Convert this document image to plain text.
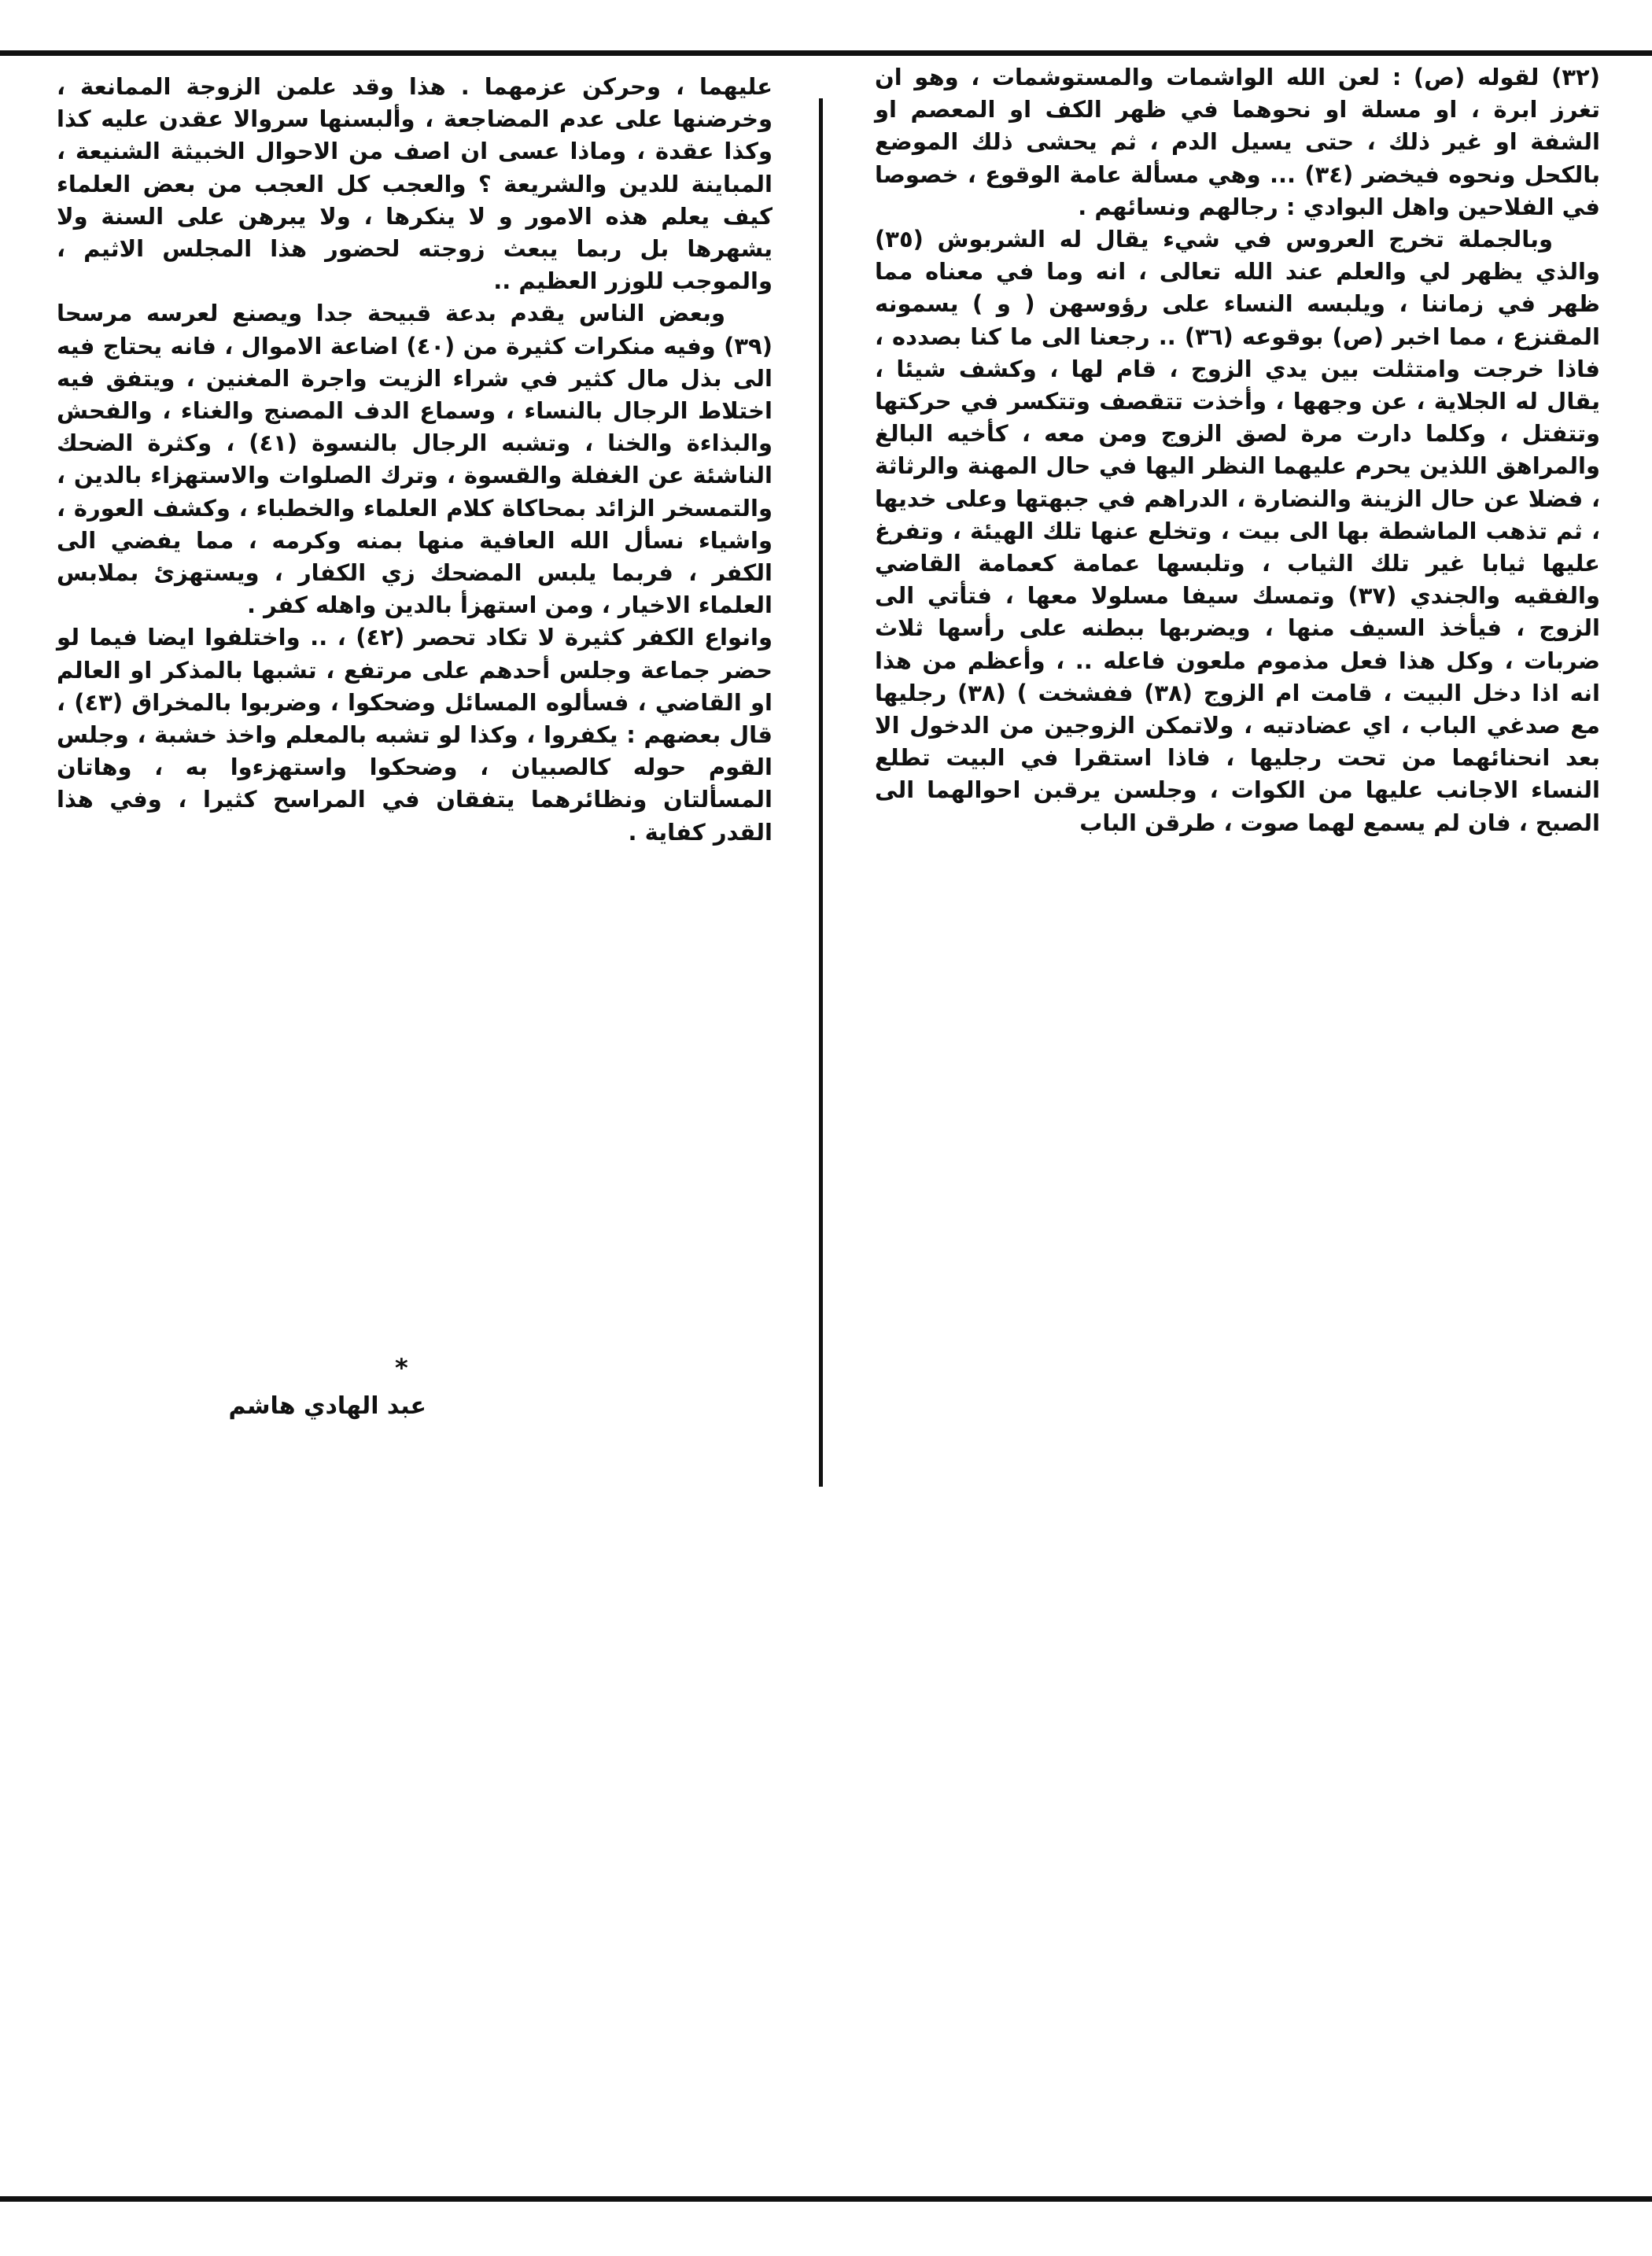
(٣٢) لقوله (ص) : لعن الله الواشمات والمستوشمات ، وهو ان تغرز ابرة ، او مسلة او نحوهما في ظهر الكف او المعصم او الشفة او غير ذلك ، حتى يسيل الدم ، ثم يحشى ذلك الموضع بالكحل ونحوه فيخضر (٣٤) ... وهي مسألة عامة الوقوع ، خصوصا في الفلاحين واهل البوادي : رجالهم ونسائهم .

وبالجملة تخرج العروس في شيء يقال له الشربوش (٣٥) والذي يظهر لي والعلم عند الله تعالى ، انه وما في معناه مما ظهر في زماننا ، ويلبسه النساء على رؤوسهن ( و ) يسمونه المقنزع ، مما اخبر (ص) بوقوعه (٣٦) .. رجعنا الى ما كنا بصدده ، فاذا خرجت وامتثلت بين يدي الزوج ، قام لها ، وكشف شيئا ، يقال له الجلاية ، عن وجهها ، وأخذت تتقصف وتتكسر في حركتها وتتفتل ، وكلما دارت مرة لصق الزوج ومن معه ، كأخيه البالغ والمراهق اللذين يحرم عليهما النظر اليها في حال المهنة والرثاثة ، فضلا عن حال الزينة والنضارة ، الدراهم في جبهتها وعلى خديها ، ثم تذهب الماشطة بها الى بيت ، وتخلع عنها تلك الهيئة ، وتفرغ عليها ثيابا غير تلك الثياب ، وتلبسها عمامة كعمامة القاضي والفقيه والجندي (٣٧) وتمسك سيفا مسلولا معها ، فتأتي الى الزوج ، فيأخذ السيف منها ، ويضربها ببطنه على رأسها ثلاث ضربات ، وكل هذا فعل مذموم ملعون فاعله .. ، وأعظم من هذا انه اذا دخل البيت ، قامت ام الزوج (٣٨) ففشخت ) (٣٨) رجليها مع صدغي الباب ، اي عضادتيه ، ولاتمكن الزوجين من الدخول الا بعد انحنائهما من تحت رجليها ، فاذا استقرا في البيت تطلع النساء الاجانب عليها من الكوات ، وجلسن يرقبن احوالهما الى الصبح ، فان لم يسمع لهما صوت ، طرقن الباب

عليهما ، وحركن عزمهما . هذا وقد علمن الزوجة الممانعة ، وخرضنها على عدم المضاجعة ، وألبسنها سروالا عقدن عليه كذا وكذا عقدة ، وماذا عسى ان اصف من الاحوال الخبيثة الشنيعة ، المباينة للدين والشريعة ؟ والعجب كل العجب من بعض العلماء كيف يعلم هذه الامور و لا ينكرها ، ولا يبرهن على السنة ولا يشهرها بل ربما يبعث زوجته لحضور هذا المجلس الاثيم ، والموجب للوزر العظيم ..

وبعض الناس يقدم بدعة قبيحة جدا ويصنع لعرسه مرسحا (٣٩) وفيه منكرات كثيرة من (٤٠) اضاعة الاموال ، فانه يحتاج فيه الى بذل مال كثير في شراء الزيت واجرة المغنين ، ويتفق فيه اختلاط الرجال بالنساء ، وسماع الدف المصنج والغناء ، والفحش والبذاءة والخنا ، وتشبه الرجال بالنسوة (٤١) ، وكثرة الضحك الناشئة عن الغفلة والقسوة ، وترك الصلوات والاستهزاء بالدين ، والتمسخر الزائد بمحاكاة كلام العلماء والخطباء ، وكشف العورة ، واشياء نسأل الله العافية منها بمنه وكرمه ، مما يفضي الى الكفر ، فربما يلبس المضحك زي الكفار ، ويستهزئ بملابس العلماء الاخيار ، ومن استهزأ بالدين واهله كفر .

وانواع الكفر كثيرة لا تكاد تحصر (٤٢) ، .. واختلفوا ايضا فيما لو حضر جماعة وجلس أحدهم على مرتفع ، تشبها بالمذكر او العالم او القاضي ، فسألوه المسائل وضحكوا ، وضربوا بالمخراق (٤٣) ، قال بعضهم : يكفروا ، وكذا لو تشبه بالمعلم واخذ خشبة ، وجلس القوم حوله كالصبيان ، وضحكوا واستهزءوا به ، وهاتان المسألتان ونظائرهما يتفقان في المراسح كثيرا ، وفي هذا القدر كفاية .

*
عبد الهادي هاشم
